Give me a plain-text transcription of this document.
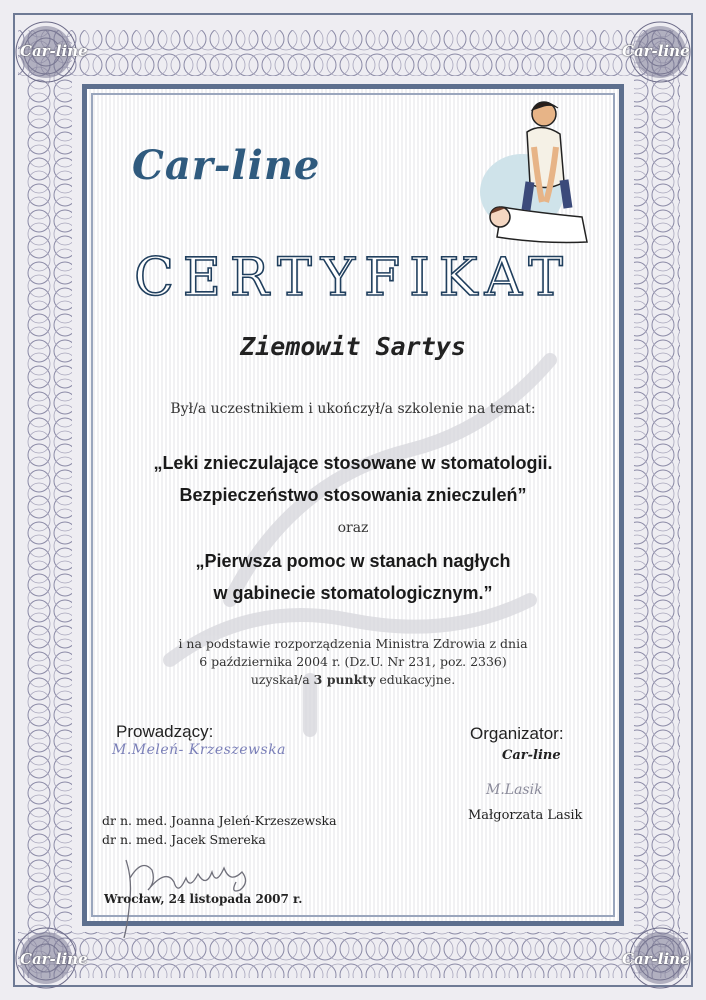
Car-line	Car-line
Car-line	Car-line
Car-line
CERTYFIKAT
Ziemowit Sartys
Był/a uczestnikiem i ukończył/a szkolenie na temat:
„Leki znieczulające stosowane w stomatologii.
Bezpieczeństwo stosowania znieczuleń”
oraz
„Pierwsza pomoc w stanach nagłych
w gabinecie stomatologicznym.”
i na podstawie rozporządzenia Ministra Zdrowia z dnia
6 października 2004 r. (Dz.U. Nr 231, poz. 2336)
uzyskał/a 3 punkty edukacyjne.
Prowadzący:
M.Meleń- Krzeszewska
dr n. med. Joanna Jeleń-Krzeszewska
dr n. med. Jacek Smereka
Wrocław, 24 listopada 2007 r.
Organizator:
Car-line
M.Lasik
Małgorzata Lasik
